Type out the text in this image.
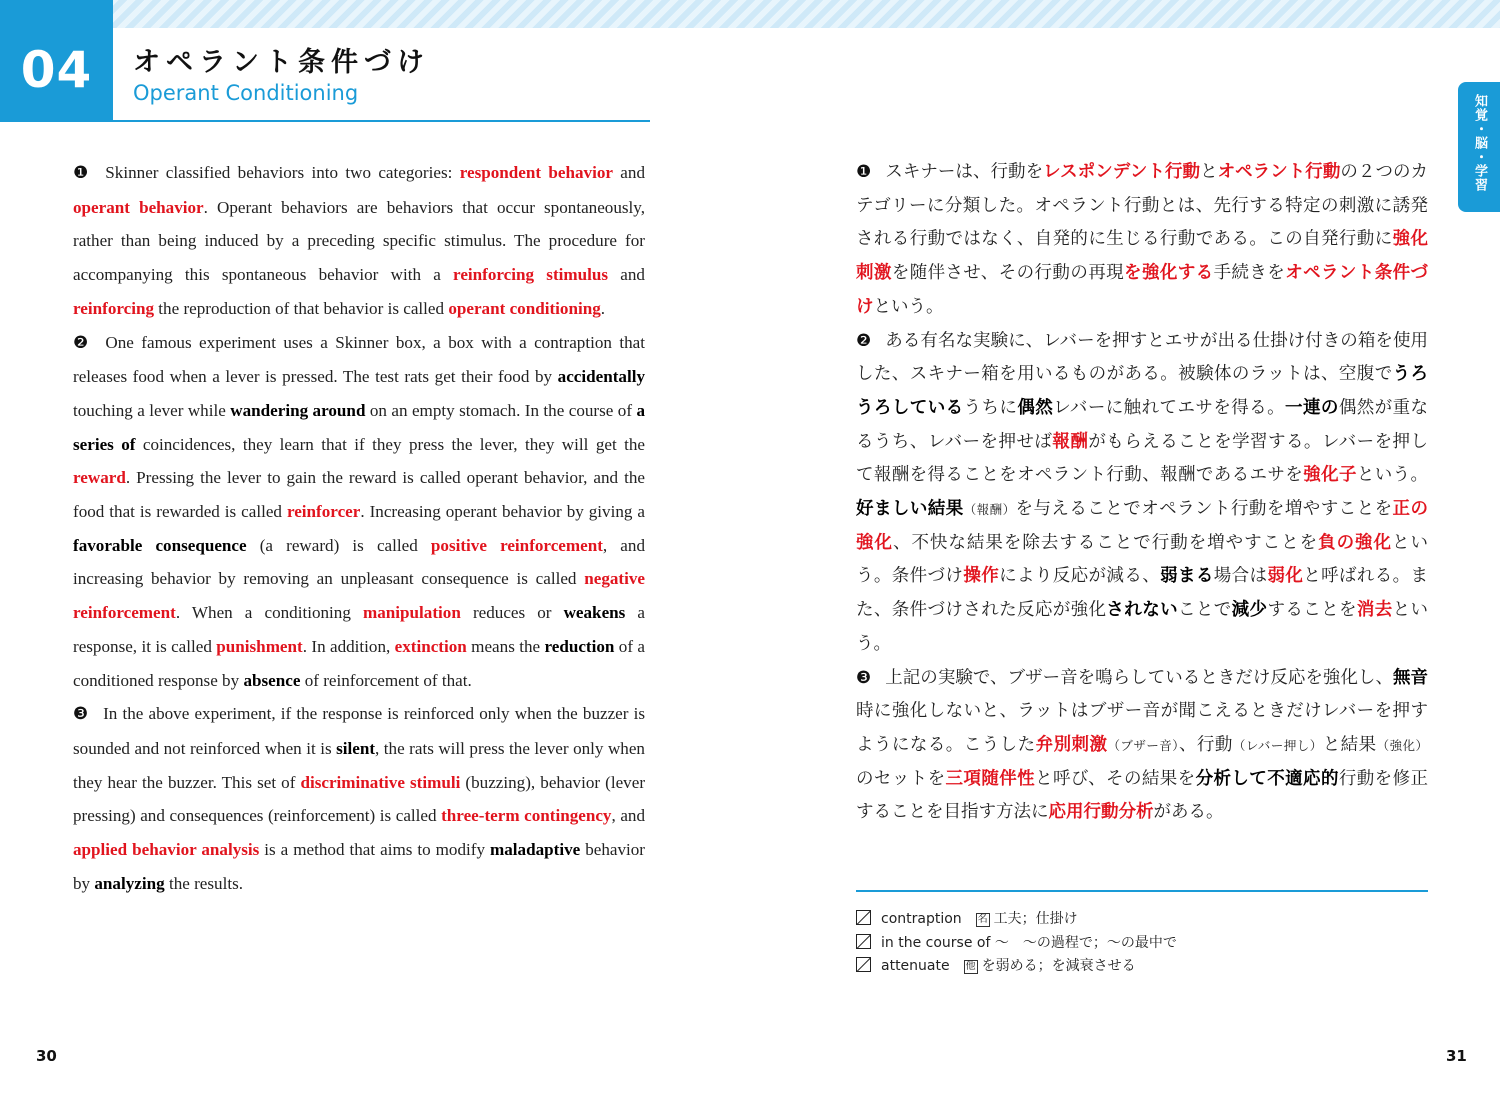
04	オペラント条件づけ
Operant Conditioning
知覚・脳・学習

❶ Skinner classified behaviors into two categories: respondent behavior and operant behavior. Operant behaviors are behaviors that occur spontaneously, rather than being induced by a preceding specific stimulus. The procedure for accompanying this spontaneous behavior with a reinforcing stimulus and reinforcing the reproduction of that behavior is called operant conditioning.

❷ One famous experiment uses a Skinner box, a box with a contraption that releases food when a lever is pressed. The test rats get their food by accidentally touching a lever while wandering around on an empty stomach. In the course of a series of coincidences, they learn that if they press the lever, they will get the reward. Pressing the lever to gain the reward is called operant behavior, and the food that is rewarded is called reinforcer. Increasing operant behavior by giving a favorable consequence (a reward) is called positive reinforcement, and increasing behavior by removing an unpleasant consequence is called negative reinforcement. When a conditioning manipulation reduces or weakens a response, it is called punishment. In addition, extinction means the reduction of a conditioned response by absence of reinforcement of that.

❸ In the above experiment, if the response is reinforced only when the buzzer is sounded and not reinforced when it is silent, the rats will press the lever only when they hear the buzzer. This set of discriminative stimuli (buzzing), behavior (lever pressing) and consequences (reinforcement) is called three-term contingency, and applied behavior analysis is a method that aims to modify maladaptive behavior by analyzing the results.

❶ スキナーは、行動をレスポンデント行動とオペラント行動の２つのカテゴリーに分類した。オペラント行動とは、先行する特定の刺激に誘発される行動ではなく、自発的に生じる行動である。この自発行動に強化刺激を随伴させ、その行動の再現を強化する手続きをオペラント条件づけという。

❷ ある有名な実験に、レバーを押すとエサが出る仕掛け付きの箱を使用した、スキナー箱を用いるものがある。被験体のラットは、空腹でうろうろしているうちに偶然レバーに触れてエサを得る。一連の偶然が重なるうち、レバーを押せば報酬がもらえることを学習する。レバーを押して報酬を得ることをオペラント行動、報酬であるエサを強化子という。好ましい結果（報酬）を与えることでオペラント行動を増やすことを正の強化、不快な結果を除去することで行動を増やすことを負の強化という。条件づけ操作により反応が減る、弱まる場合は弱化と呼ばれる。また、条件づけされた反応が強化されないことで減少することを消去という。

❸ 上記の実験で、ブザー音を鳴らしているときだけ反応を強化し、無音時に強化しないと、ラットはブザー音が聞こえるときだけレバーを押すようになる。こうした弁別刺激（ブザー音）、行動（レバー押し）と結果（強化）のセットを三項随伴性と呼び、その結果を分析して不適応的行動を修正することを目指す方法に応用行動分析がある。

contraption 名 工夫；仕掛け
in the course of ～ ～の過程で；～の最中で
attenuate 他 を弱める；を減衰させる
30	31
